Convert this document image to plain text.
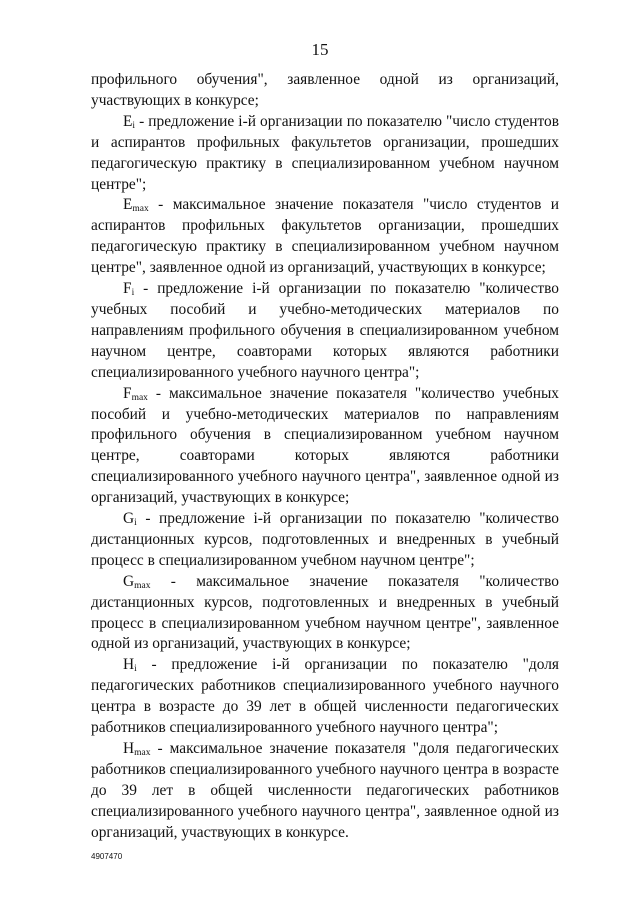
15

профильного обучения", заявленное одной из организаций, участвующих в конкурсе;

$E_i$ - предложение i-й организации по показателю "число студентов и аспирантов профильных факультетов организации, прошедших педагогическую практику в специализированном учебном научном центре";

$E_{max}$ - максимальное значение показателя "число студентов и аспирантов профильных факультетов организации, прошедших педагогическую практику в специализированном учебном научном центре", заявленное одной из организаций, участвующих в конкурсе;

$F_i$ - предложение i-й организации по показателю "количество учебных пособий и учебно-методических материалов по направлениям профильного обучения в специализированном учебном научном центре, соавторами которых являются работники специализированного учебного научного центра";

$F_{max}$ - максимальное значение показателя "количество учебных пособий и учебно-методических материалов по направлениям профильного обучения в специализированном учебном научном центре, соавторами которых являются работники специализированного учебного научного центра", заявленное одной из организаций, участвующих в конкурсе;

$G_i$ - предложение i-й организации по показателю "количество дистанционных курсов, подготовленных и внедренных в учебный процесс в специализированном учебном научном центре";

$G_{max}$ - максимальное значение показателя "количество дистанционных курсов, подготовленных и внедренных в учебный процесс в специализированном учебном научном центре", заявленное одной из организаций, участвующих в конкурсе;

$H_i$ - предложение i-й организации по показателю "доля педагогических работников специализированного учебного научного центра в возрасте до 39 лет в общей численности педагогических работников специализированного учебного научного центра";

$H_{max}$ - максимальное значение показателя "доля педагогических работников специализированного учебного научного центра в возрасте до 39 лет в общей численности педагогических работников специализированного учебного научного центра", заявленное одной из организаций, участвующих в конкурсе.

4907470
